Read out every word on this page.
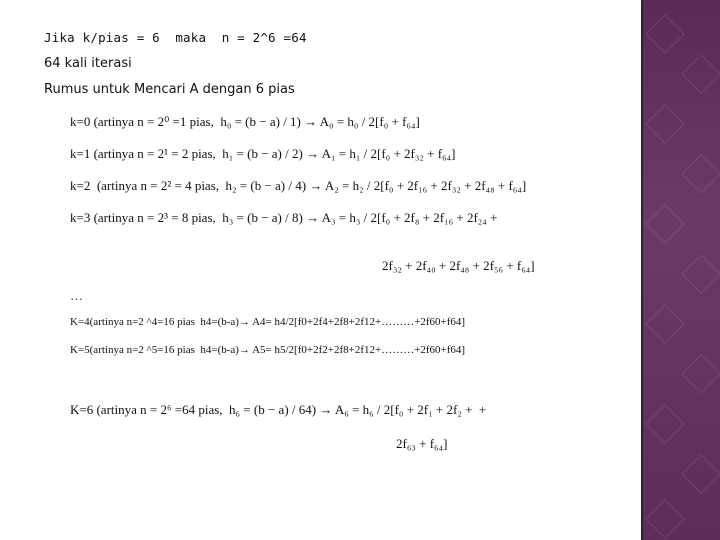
Jika k/pias = 6  maka  n = 2^6 =64
64 kali iterasi
Rumus untuk Mencari A dengan 6 pias
k=0 (artinya n = 2⁰ =1 pias,  h₀ = (b − a) / 1) → A₀ = h₀ / 2[f₀ + f₆₄]
k=1 (artinya n = 2¹ = 2 pias,  h₁ = (b − a) / 2) → A₁ = h₁ / 2[f₀ + 2f₃₂ + f₆₄]
k=2  (artinya n = 2² = 4 pias,  h₂ = (b − a) / 4) → A₂ = h₂ / 2[f₀ + 2f₁₆ + 2f₃₂ + 2f₄₈ + f₆₄]
k=3 (artinya n = 2³ = 8 pias,  h₃ = (b − a) / 8) → A₃ = h₃ / 2[f₀ + 2f₈ + 2f₁₆ + 2f₂₄ +
2f₃₂ + 2f₄₀ + 2f₄₈ + 2f₅₆ + f₆₄]
…
K=4(artinya n=2 ^4=16 pias  h4=(b-a)→ A4= h4/2[f0+2f4+2f8+2f12+………+2f60+f64]
K=5(artinya n=2 ^5=16 pias  h4=(b-a)→ A5= h5/2[f0+2f2+2f8+2f12+………+2f60+f64]
K=6 (artinya n = 2⁶ =64 pias,  h₆ = (b − a) / 64) → A₆ = h₆ / 2[f₀ + 2f₁ + 2f₂ +  +
2f₆₃ + f₆₄]
